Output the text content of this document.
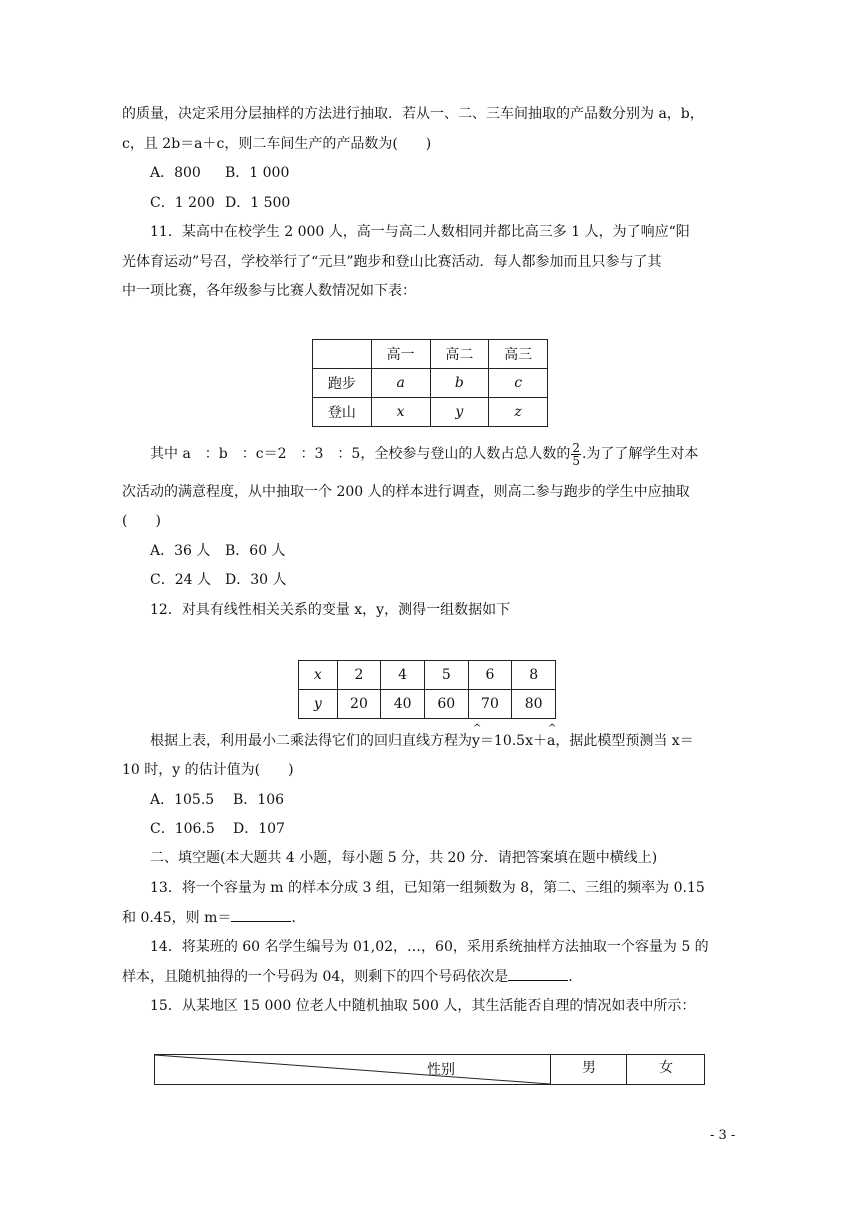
的质量，决定采用分层抽样的方法进行抽取．若从一、二、三车间抽取的产品数分别为 a，b，
c，且 2b＝a＋c，则二车间生产的产品数为(　　)
A．800 B．1 000
C．1 200 D．1 500
11．某高中在校学生 2 000 人，高一与高二人数相同并都比高三多 1 人，为了响应“阳
光体育运动”号召，学校举行了“元旦”跑步和登山比赛活动．每人都参加而且只参与了其
中一项比赛，各年级参与比赛人数情况如下表：
	高一	高二	高三
跑步	a	b	c
登山	x	y	z
其中 a　：b　：c＝2　：3　：5，全校参与登山的人数占总人数的 $\frac{2}{5}$ .为了了解学生对本
次活动的满意程度，从中抽取一个 200 人的样本进行调查，则高二参与跑步的学生中应抽取
(　　)
A．36 人 B．60 人
C．24 人 D．30 人
12．对具有线性相关关系的变量 x，y，测得一组数据如下
x	2	4	5	6	8
y	20	40	60	70	80
根据上表，利用最小二乘法得它们的回归直线方程为^ y＝10.5x＋^ a，据此模型预测当 x＝
10 时，y 的估计值为(　　)
A．105.5 B．106
C．106.5 D．107
二、填空题(本大题共 4 小题，每小题 5 分，共 20 分．请把答案填在题中横线上)
13．将一个容量为 m 的样本分成 3 组，已知第一组频数为 8，第二、三组的频率为 0.15
和 0.45，则 m＝	.
14．将某班的 60 名学生编号为 01,02，…，60，采用系统抽样方法抽取一个容量为 5 的
样本，且随机抽得的一个号码为 04，则剩下的四个号码依次是	.
15．从某地区 15 000 位老人中随机抽取 500 人，其生活能否自理的情况如表中所示：
性别	男	女
- 3 -
